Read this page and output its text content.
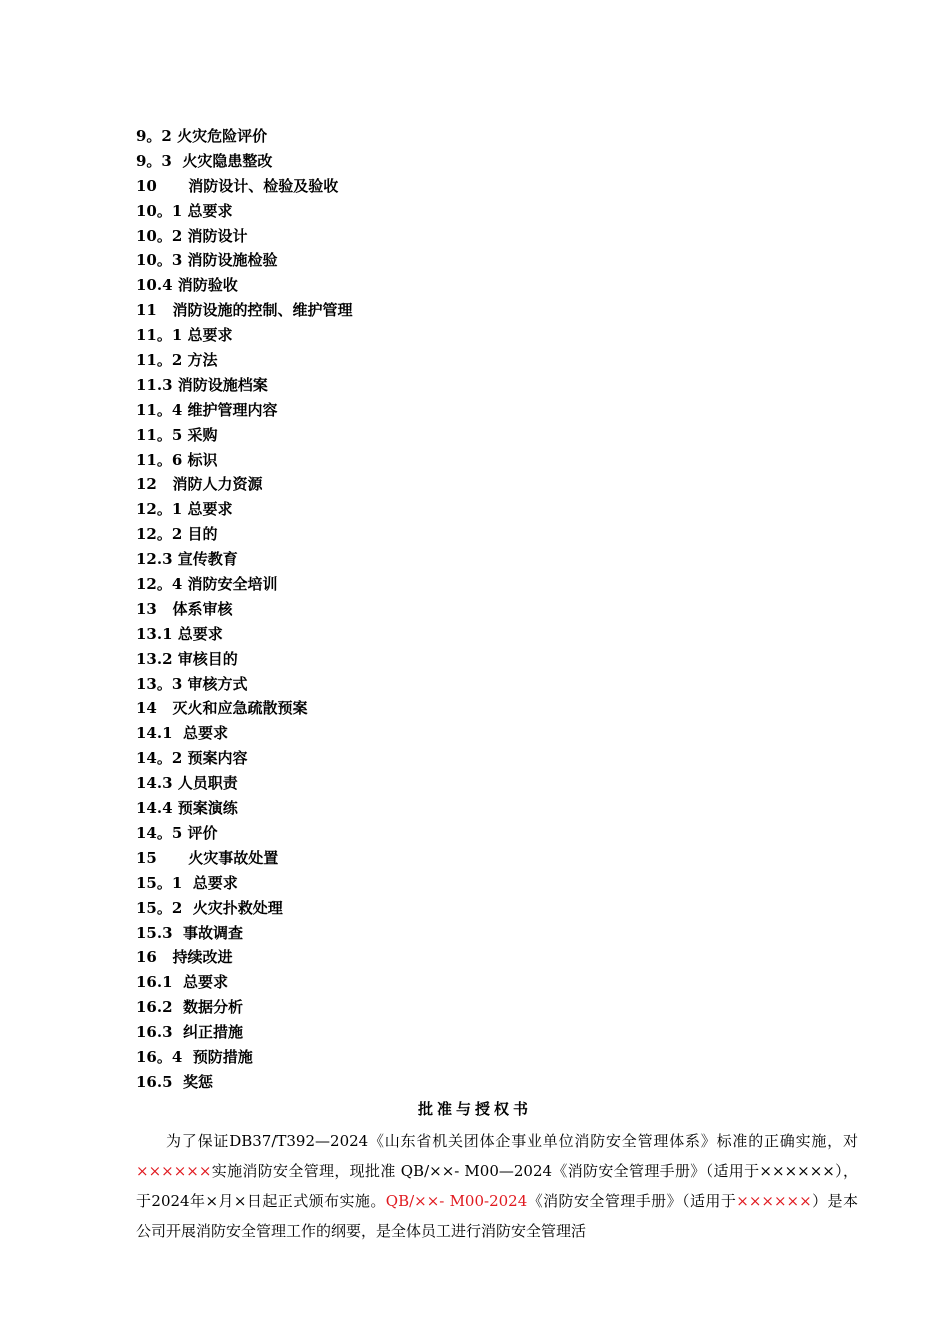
9。2 火灾危险评价
9。3  火灾隐患整改
10      消防设计、检验及验收
10。1 总要求
10。2 消防设计
10。3 消防设施检验
10.4 消防验收
11   消防设施的控制、维护管理
11。1 总要求
11。2 方法
11.3 消防设施档案
11。4 维护管理内容
11。5 采购
11。6 标识
12   消防人力资源
12。1 总要求
12。2 目的
12.3 宣传教育
12。4 消防安全培训
13   体系审核
13.1 总要求
13.2 审核目的
13。3 审核方式
14   灭火和应急疏散预案
14.1  总要求
14。2 预案内容
14.3 人员职责
14.4 预案演练
14。5 评价
15      火灾事故处置
15。1  总要求
15。2  火灾扑救处理
15.3  事故调查
16   持续改进
16.1  总要求
16.2  数据分析
16.3  纠正措施
16。4  预防措施
16.5  奖惩
批准与授权书

为了保证DB37/T392—2024《山东省机关团体企事业单位消防安全管理体系》标准的正确实施，对××××××实施消防安全管理，现批准 QB/××- M00—2024《消防安全管理手册》（适用于××××××），于2024年×月×日起正式颁布实施。QB/××- M00-2024《消防安全管理手册》（适用于××××××）是本公司开展消防安全管理工作的纲要，是全体员工进行消防安全管理活
